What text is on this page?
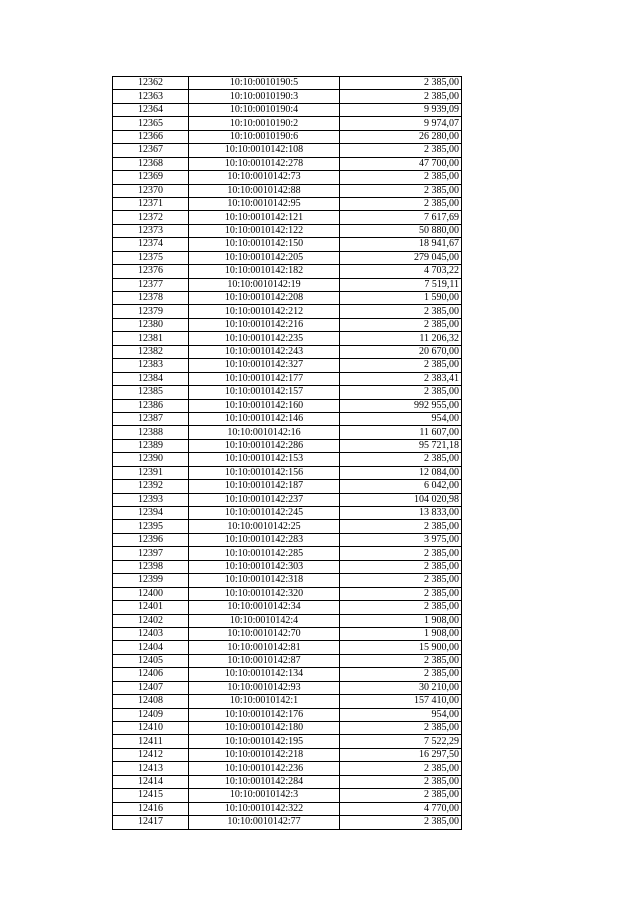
12362	10:10:0010190:5	2 385,00
12363	10:10:0010190:3	2 385,00
12364	10:10:0010190:4	9 939,09
12365	10:10:0010190:2	9 974,07
12366	10:10:0010190:6	26 280,00
12367	10:10:0010142:108	2 385,00
12368	10:10:0010142:278	47 700,00
12369	10:10:0010142:73	2 385,00
12370	10:10:0010142:88	2 385,00
12371	10:10:0010142:95	2 385,00
12372	10:10:0010142:121	7 617,69
12373	10:10:0010142:122	50 880,00
12374	10:10:0010142:150	18 941,67
12375	10:10:0010142:205	279 045,00
12376	10:10:0010142:182	4 703,22
12377	10:10:0010142:19	7 519,11
12378	10:10:0010142:208	1 590,00
12379	10:10:0010142:212	2 385,00
12380	10:10:0010142:216	2 385,00
12381	10:10:0010142:235	11 206,32
12382	10:10:0010142:243	20 670,00
12383	10:10:0010142:327	2 385,00
12384	10:10:0010142:177	2 383,41
12385	10:10:0010142:157	2 385,00
12386	10:10:0010142:160	992 955,00
12387	10:10:0010142:146	954,00
12388	10:10:0010142:16	11 607,00
12389	10:10:0010142:286	95 721,18
12390	10:10:0010142:153	2 385,00
12391	10:10:0010142:156	12 084,00
12392	10:10:0010142:187	6 042,00
12393	10:10:0010142:237	104 020,98
12394	10:10:0010142:245	13 833,00
12395	10:10:0010142:25	2 385,00
12396	10:10:0010142:283	3 975,00
12397	10:10:0010142:285	2 385,00
12398	10:10:0010142:303	2 385,00
12399	10:10:0010142:318	2 385,00
12400	10:10:0010142:320	2 385,00
12401	10:10:0010142:34	2 385,00
12402	10:10:0010142:4	1 908,00
12403	10:10:0010142:70	1 908,00
12404	10:10:0010142:81	15 900,00
12405	10:10:0010142:87	2 385,00
12406	10:10:0010142:134	2 385,00
12407	10:10:0010142:93	30 210,00
12408	10:10:0010142:1	157 410,00
12409	10:10:0010142:176	954,00
12410	10:10:0010142:180	2 385,00
12411	10:10:0010142:195	7 522,29
12412	10:10:0010142:218	16 297,50
12413	10:10:0010142:236	2 385,00
12414	10:10:0010142:284	2 385,00
12415	10:10:0010142:3	2 385,00
12416	10:10:0010142:322	4 770,00
12417	10:10:0010142:77	2 385,00
